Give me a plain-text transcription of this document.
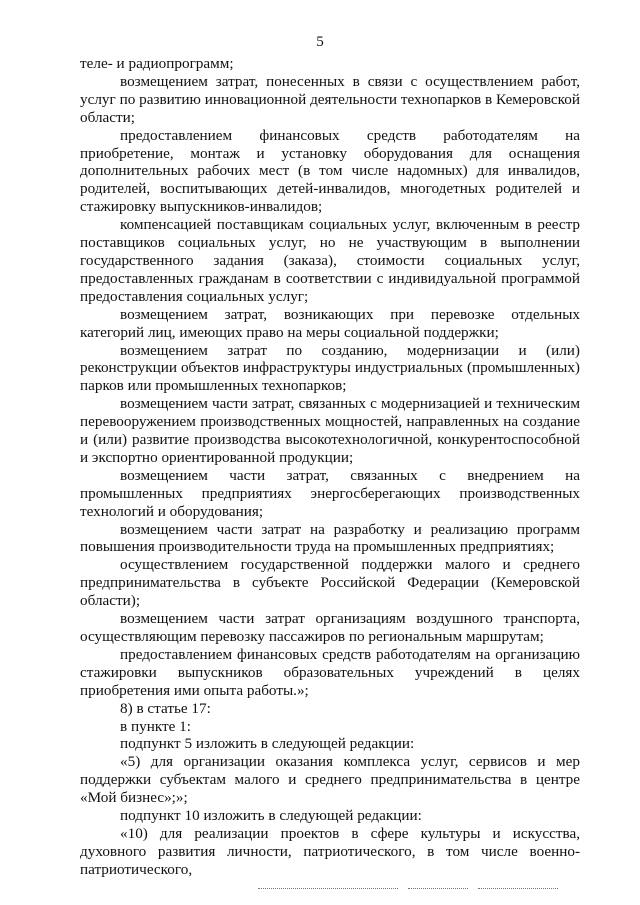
5

теле- и радиопрограмм;

возмещением затрат, понесенных в связи с осуществлением работ, услуг по развитию инновационной деятельности технопарков в Кемеровской области;

предоставлением финансовых средств работодателям на приобретение, монтаж и установку оборудования для оснащения дополнительных рабочих мест (в том числе надомных) для инвалидов, родителей, воспитывающих детей-инвалидов, многодетных родителей и стажировку выпускников-инвалидов;

компенсацией поставщикам социальных услуг, включенным в реестр поставщиков социальных услуг, но не участвующим в выполнении государственного задания (заказа), стоимости социальных услуг, предоставленных гражданам в соответствии с индивидуальной программой предоставления социальных услуг;

возмещением затрат, возникающих при перевозке отдельных категорий лиц, имеющих право на меры социальной поддержки;

возмещением затрат по созданию, модернизации и (или) реконструкции объектов инфраструктуры индустриальных (промышленных) парков или промышленных технопарков;

возмещением части затрат, связанных с модернизацией и техническим перевооружением производственных мощностей, направленных на создание и (или) развитие производства высокотехнологичной, конкурентоспособной и экспортно ориентированной продукции;

возмещением части затрат, связанных с внедрением на промышленных предприятиях энергосберегающих производственных технологий и оборудования;

возмещением части затрат на разработку и реализацию программ повышения производительности труда на промышленных предприятиях;

осуществлением государственной поддержки малого и среднего предпринимательства в субъекте Российской Федерации (Кемеровской области);

возмещением части затрат организациям воздушного транспорта, осуществляющим перевозку пассажиров по региональным маршрутам;

предоставлением финансовых средств работодателям на организацию стажировки выпускников образовательных учреждений в целях приобретения ими опыта работы.»;

8) в статье 17:

в пункте 1:

подпункт 5 изложить в следующей редакции:

«5) для организации оказания комплекса услуг, сервисов и мер поддержки субъектам малого и среднего предпринимательства в центре «Мой бизнес»;»;

подпункт 10 изложить в следующей редакции:

«10) для реализации проектов в сфере культуры и искусства, духовного развития личности, патриотического, в том числе военно-патриотического,
